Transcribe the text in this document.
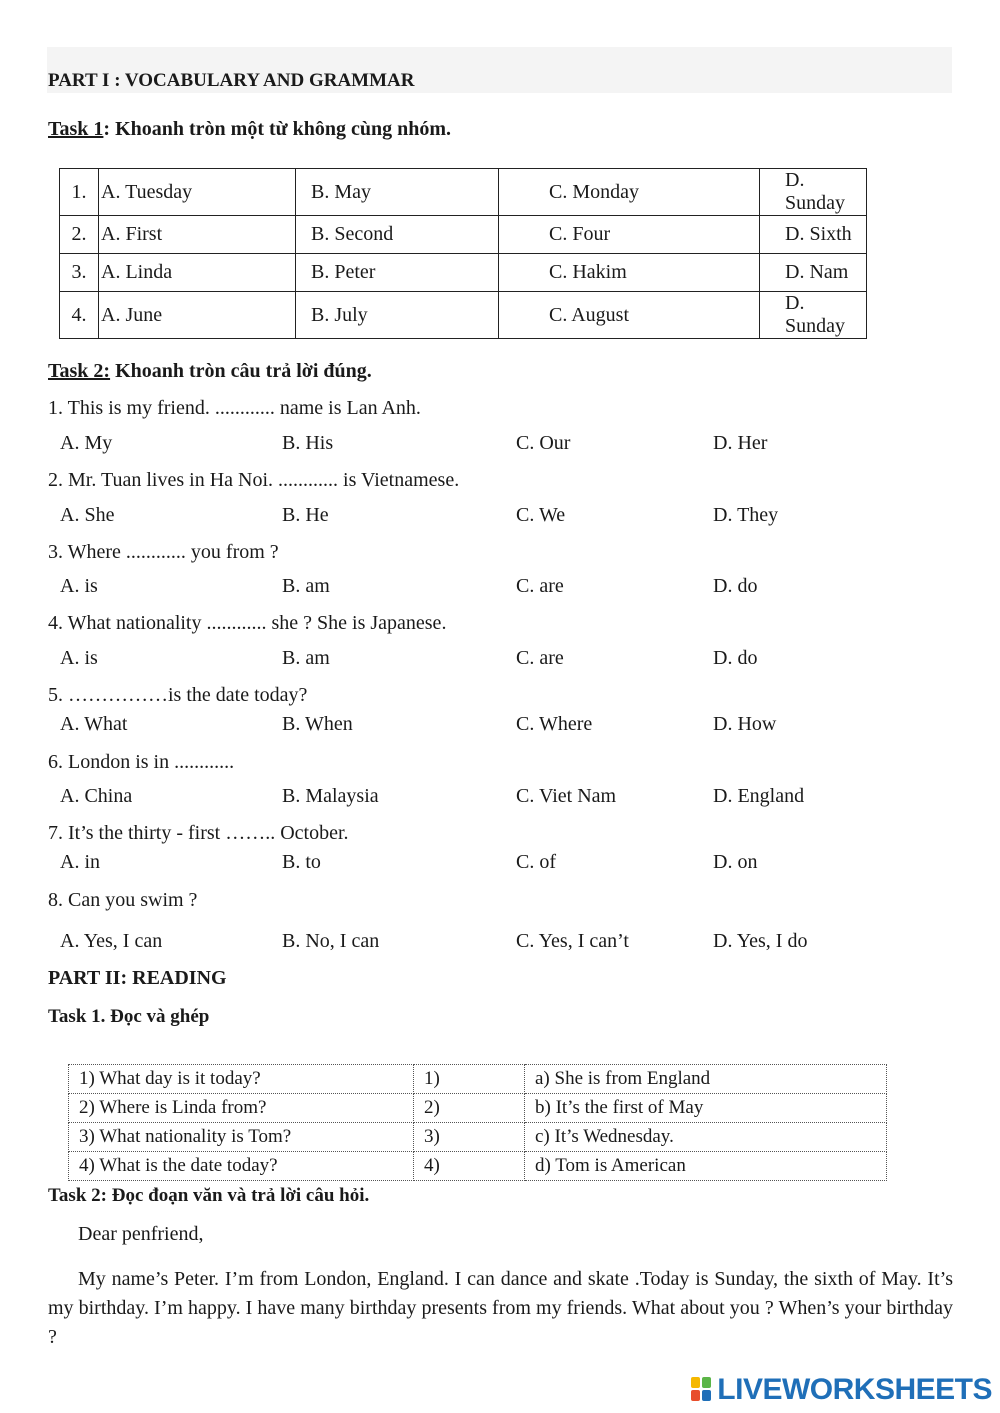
PART I : VOCABULARY AND GRAMMAR
Task 1: Khoanh tròn một từ không cùng nhóm.
1.	A. Tuesday	B. May	C. Monday	D. Sunday
2.	A. First	B. Second	C. Four	D. Sixth
3.	A. Linda	B. Peter	C. Hakim	D. Nam
4.	A. June	B. July	C. August	D. Sunday
Task 2: Khoanh tròn câu trả lời đúng.
1. This is my friend. ............ name is Lan Anh.
A. My	B. His	C. Our	D. Her
2. Mr. Tuan lives in Ha Noi. ............ is Vietnamese.
A. She	B. He	C. We	D. They
3. Where ............ you from ?
A. is	B. am	C. are	D. do
4. What nationality ............ she ? She is Japanese.
A. is	B. am	C. are	D. do
5. ……………is the date today?
A. What	B. When	C. Where	D. How
6. London is in ............
A. China	B. Malaysia	C. Viet Nam	D. England
7. It’s the thirty - first …….. October.
A. in	B. to	C. of	D. on
8. Can you swim ?
A. Yes, I can	B. No, I can	C. Yes, I can’t	D. Yes, I do
PART II: READING
Task 1. Đọc và ghép
1) What day is it today?	1)	a) She is from England
2) Where is Linda from?	2)	b) It’s the first of May
3) What nationality is Tom?	3)	c) It’s Wednesday.
4) What is the date today?	4)	d) Tom is American
Task 2: Đọc đoạn văn và trả lời câu hỏi.
Dear penfriend,
My name’s Peter. I’m from London, England. I can dance and skate .Today is Sunday, the sixth of May. It’s my birthday. I’m happy. I have many birthday presents from my friends. What about you ? When’s your birthday ?
LIVEWORKSHEETS
